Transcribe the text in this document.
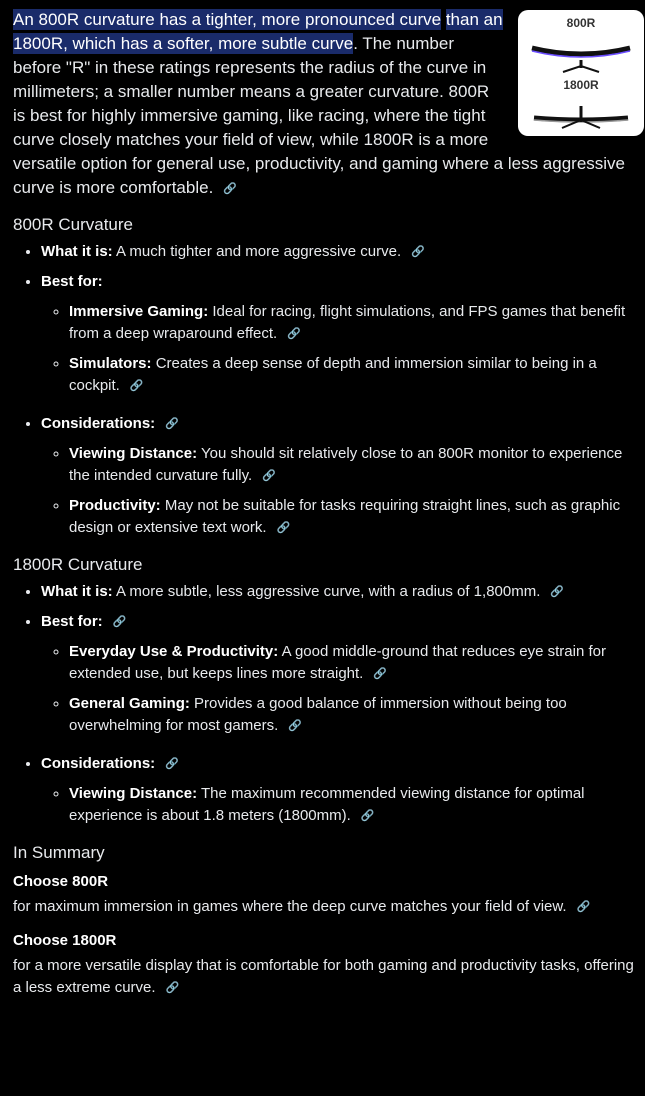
800R
1800R

An 800R curvature has a tighter, more pronounced curve than an 1800R, which has a softer, more subtle curve. The number before "R" in these ratings represents the radius of the curve in millimeters; a smaller number means a greater curvature. 800R is best for highly immersive gaming, like racing, where the tight curve closely matches your field of view, while 1800R is a more versatile option for general use, productivity, and gaming where a less aggressive curve is more comfortable. 🔗

800R Curvature
• What it is: A much tighter and more aggressive curve. 🔗
• Best for:
◦ Immersive Gaming: Ideal for racing, flight simulations, and FPS games that benefit from a deep wraparound effect. 🔗
◦ Simulators: Creates a deep sense of depth and immersion similar to being in a cockpit. 🔗
• Considerations: 🔗
◦ Viewing Distance: You should sit relatively close to an 800R monitor to experience the intended curvature fully. 🔗
◦ Productivity: May not be suitable for tasks requiring straight lines, such as graphic design or extensive text work. 🔗
1800R Curvature
• What it is: A more subtle, less aggressive curve, with a radius of 1,800mm. 🔗
• Best for: 🔗
◦ Everyday Use & Productivity: A good middle-ground that reduces eye strain for extended use, but keeps lines more straight. 🔗
◦ General Gaming: Provides a good balance of immersion without being too overwhelming for most gamers. 🔗
• Considerations: 🔗
◦ Viewing Distance: The maximum recommended viewing distance for optimal experience is about 1.8 meters (1800mm). 🔗
In Summary
Choose 800R

for maximum immersion in games where the deep curve matches your field of view. 🔗

Choose 1800R

for a more versatile display that is comfortable for both gaming and productivity tasks, offering a less extreme curve. 🔗
